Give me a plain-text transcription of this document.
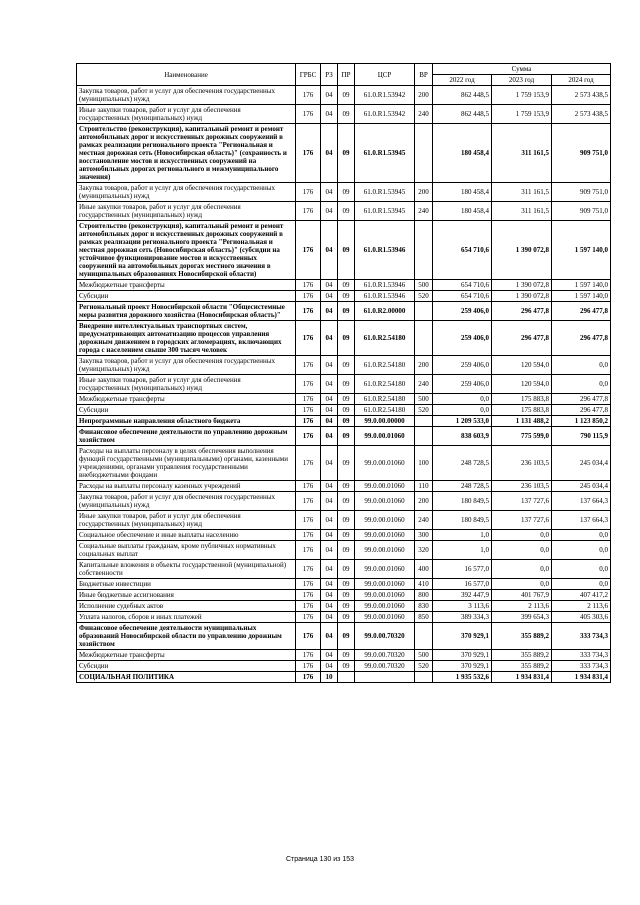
Наименование	ГРБС	РЗ	ПР	ЦСР	ВР	Сумма		
						2022 год	2023 год	2024 год
Закупка товаров, работ и услуг для обеспечения государственных (муниципальных) нужд	176	04	09	61.0.R1.53942	200	862 448,5	1 759 153,9	2 573 438,5
Иные закупки товаров, работ и услуг для обеспечения государственных (муниципальных) нужд	176	04	09	61.0.R1.53942	240	862 448,5	1 759 153,9	2 573 438,5
Строительство (реконструкция), капитальный ремонт и ремонт автомобильных дорог и искусственных дорожных сооружений в рамках реализации регионального проекта "Региональная и местная дорожная сеть (Новосибирская область)" (сохранность и восстановление мостов и искусственных сооружений на автомобильных дорогах регионального и межмуниципального значения)	176	04	09	61.0.R1.53945		180 458,4	311 161,5	909 751,0
Закупка товаров, работ и услуг для обеспечения государственных (муниципальных) нужд	176	04	09	61.0.R1.53945	200	180 458,4	311 161,5	909 751,0
Иные закупки товаров, работ и услуг для обеспечения государственных (муниципальных) нужд	176	04	09	61.0.R1.53945	240	180 458,4	311 161,5	909 751,0
Строительство (реконструкция), капитальный ремонт и ремонт автомобильных дорог и искусственных дорожных сооружений в рамках реализации регионального проекта "Региональная и местная дорожная сеть (Новосибирская область)" (субсидии на устойчивое функционирование мостов и искусственных сооружений на автомобильных дорогах местного значения в муниципальных образованиях Новосибирской области)	176	04	09	61.0.R1.53946		654 710,6	1 390 072,8	1 597 140,0
Межбюджетные трансферты	176	04	09	61.0.R1.53946	500	654 710,6	1 390 072,8	1 597 140,0
Субсидии	176	04	09	61.0.R1.53946	520	654 710,6	1 390 072,8	1 597 140,0
Региональный проект Новосибирской области "Общесистемные меры развития дорожного хозяйства (Новосибирская область)"	176	04	09	61.0.R2.00000		259 406,0	296 477,8	296 477,8
Внедрение интеллектуальных транспортных систем, предусматривающих автоматизацию процессов управления дорожным движением в городских агломерациях, включающих города с населением свыше 300 тысяч человек	176	04	09	61.0.R2.54180		259 406,0	296 477,8	296 477,8
Закупка товаров, работ и услуг для обеспечения государственных (муниципальных) нужд	176	04	09	61.0.R2.54180	200	259 406,0	120 594,0	0,0
Иные закупки товаров, работ и услуг для обеспечения государственных (муниципальных) нужд	176	04	09	61.0.R2.54180	240	259 406,0	120 594,0	0,0
Межбюджетные трансферты	176	04	09	61.0.R2.54180	500	0,0	175 883,8	296 477,8
Субсидии	176	04	09	61.0.R2.54180	520	0,0	175 883,8	296 477,8
Непрограммные направления областного бюджета	176	04	09	99.0.00.00000		1 209 533,0	1 131 488,2	1 123 850,2
Финансовое обеспечение деятельности по управлению дорожным хозяйством	176	04	09	99.0.00.01060		838 603,9	775 599,0	790 115,9
Расходы на выплаты персоналу в целях обеспечения выполнения функций государственными (муниципальными) органами, казенными учреждениями, органами управления государственными внебюджетными фондами	176	04	09	99.0.00.01060	100	248 728,5	236 103,5	245 034,4
Расходы на выплаты персоналу казенных учреждений	176	04	09	99.0.00.01060	110	248 728,5	236 103,5	245 034,4
Закупка товаров, работ и услуг для обеспечения государственных (муниципальных) нужд	176	04	09	99.0.00.01060	200	180 849,5	137 727,6	137 664,3
Иные закупки товаров, работ и услуг для обеспечения государственных (муниципальных) нужд	176	04	09	99.0.00.01060	240	180 849,5	137 727,6	137 664,3
Социальное обеспечение и иные выплаты населению	176	04	09	99.0.00.01060	300	1,0	0,0	0,0
Социальные выплаты гражданам, кроме публичных нормативных социальных выплат	176	04	09	99.0.00.01060	320	1,0	0,0	0,0
Капитальные вложения в объекты государственной (муниципальной) собственности	176	04	09	99.0.00.01060	400	16 577,0	0,0	0,0
Бюджетные инвестиции	176	04	09	99.0.00.01060	410	16 577,0	0,0	0,0
Иные бюджетные ассигнования	176	04	09	99.0.00.01060	800	392 447,9	401 767,9	407 417,2
Исполнение судебных актов	176	04	09	99.0.00.01060	830	3 113,6	2 113,6	2 113,6
Уплата налогов, сборов и иных платежей	176	04	09	99.0.00.01060	850	389 334,3	399 654,3	405 303,6
Финансовое обеспечение деятельности муниципальных образований Новосибирской области по управлению дорожным хозяйством	176	04	09	99.0.00.70320		370 929,1	355 889,2	333 734,3
Межбюджетные трансферты	176	04	09	99.0.00.70320	500	370 929,1	355 889,2	333 734,3
Субсидии	176	04	09	99.0.00.70320	520	370 929,1	355 889,2	333 734,3
СОЦИАЛЬНАЯ ПОЛИТИКА	176	10				1 935 532,6	1 934 831,4	1 934 831,4
Страница 130 из 153
